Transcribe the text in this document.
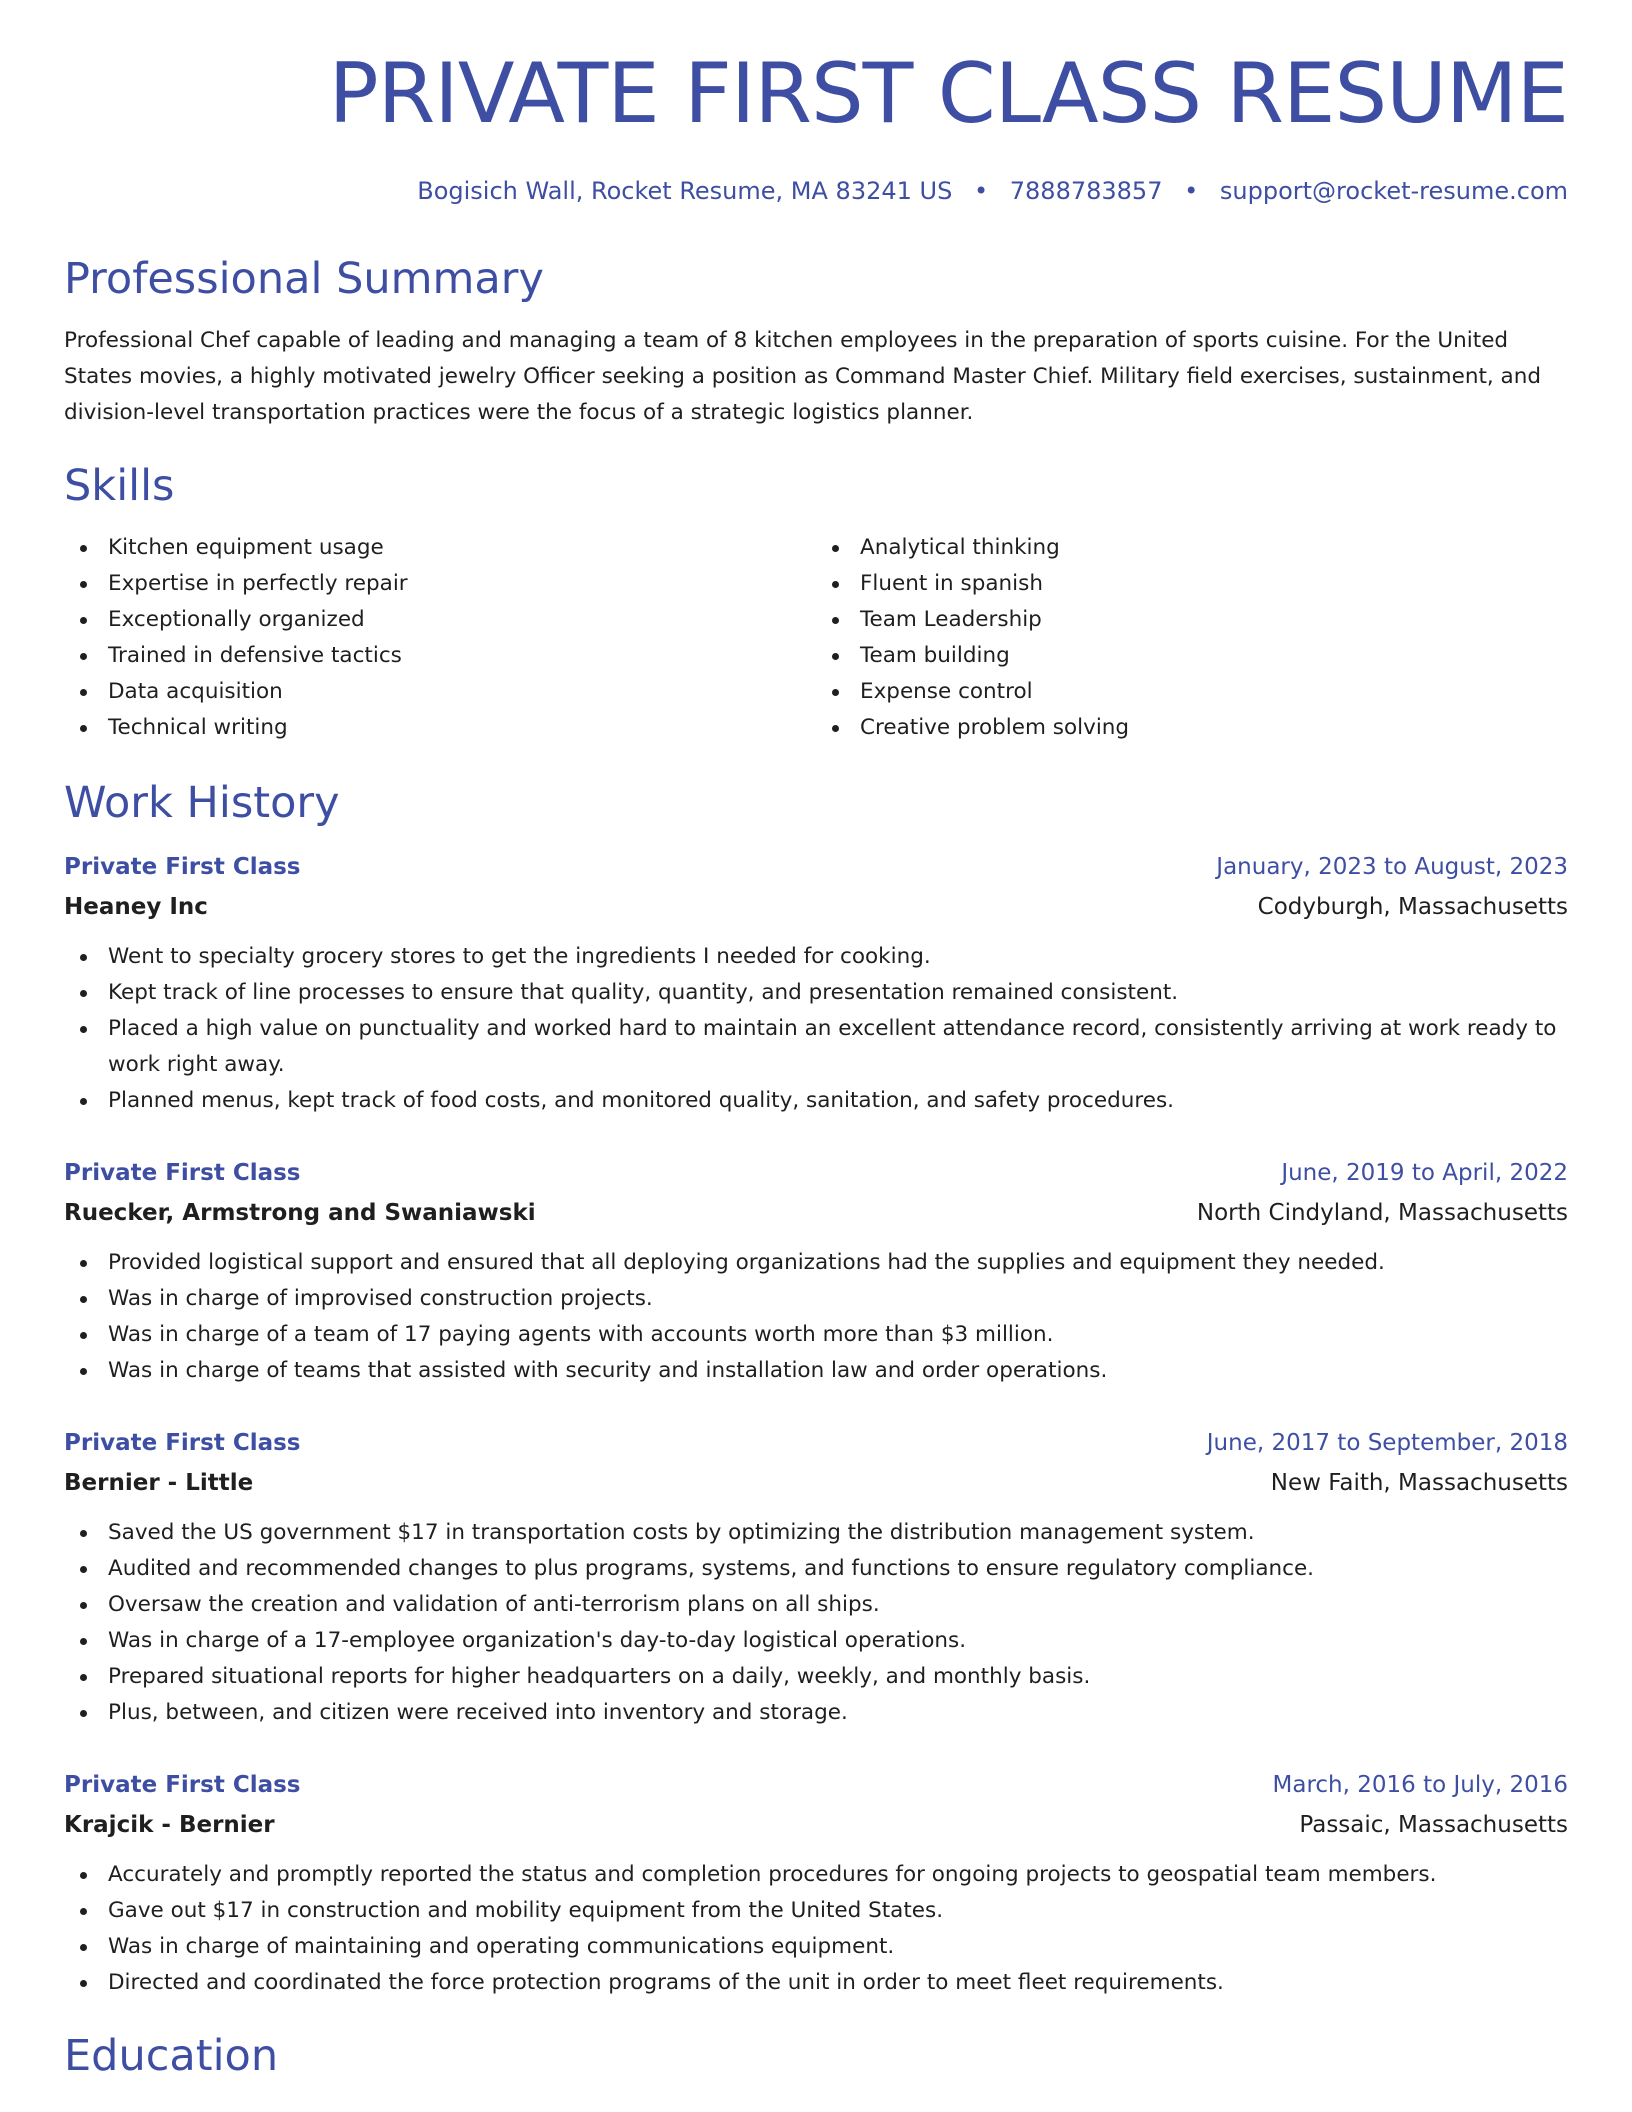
PRIVATE FIRST CLASS RESUME
Bogisich Wall, Rocket Resume, MA 83241 US • 7888783857 • support@rocket-resume.com
Professional Summary
Professional Chef capable of leading and managing a team of 8 kitchen employees in the preparation of sports cuisine. For the United States movies, a highly motivated jewelry Officer seeking a position as Command Master Chief. Military field exercises, sustainment, and division-level transportation practices were the focus of a strategic logistics planner.
Skills
Kitchen equipment usage
Expertise in perfectly repair
Exceptionally organized
Trained in defensive tactics
Data acquisition
Technical writing
Analytical thinking
Fluent in spanish
Team Leadership
Team building
Expense control
Creative problem solving
Work History
Private First Class	January, 2023 to August, 2023
Heaney Inc	Codyburgh, Massachusetts
Went to specialty grocery stores to get the ingredients I needed for cooking.
Kept track of line processes to ensure that quality, quantity, and presentation remained consistent.
Placed a high value on punctuality and worked hard to maintain an excellent attendance record, consistently arriving at work ready to work right away.
Planned menus, kept track of food costs, and monitored quality, sanitation, and safety procedures.
Private First Class	June, 2019 to April, 2022
Ruecker, Armstrong and Swaniawski	North Cindyland, Massachusetts
Provided logistical support and ensured that all deploying organizations had the supplies and equipment they needed.
Was in charge of improvised construction projects.
Was in charge of a team of 17 paying agents with accounts worth more than $3 million.
Was in charge of teams that assisted with security and installation law and order operations.
Private First Class	June, 2017 to September, 2018
Bernier - Little	New Faith, Massachusetts
Saved the US government $17 in transportation costs by optimizing the distribution management system.
Audited and recommended changes to plus programs, systems, and functions to ensure regulatory compliance.
Oversaw the creation and validation of anti-terrorism plans on all ships.
Was in charge of a 17-employee organization's day-to-day logistical operations.
Prepared situational reports for higher headquarters on a daily, weekly, and monthly basis.
Plus, between, and citizen were received into inventory and storage.
Private First Class	March, 2016 to July, 2016
Krajcik - Bernier	Passaic, Massachusetts
Accurately and promptly reported the status and completion procedures for ongoing projects to geospatial team members.
Gave out $17 in construction and mobility equipment from the United States.
Was in charge of maintaining and operating communications equipment.
Directed and coordinated the force protection programs of the unit in order to meet fleet requirements.
Education
